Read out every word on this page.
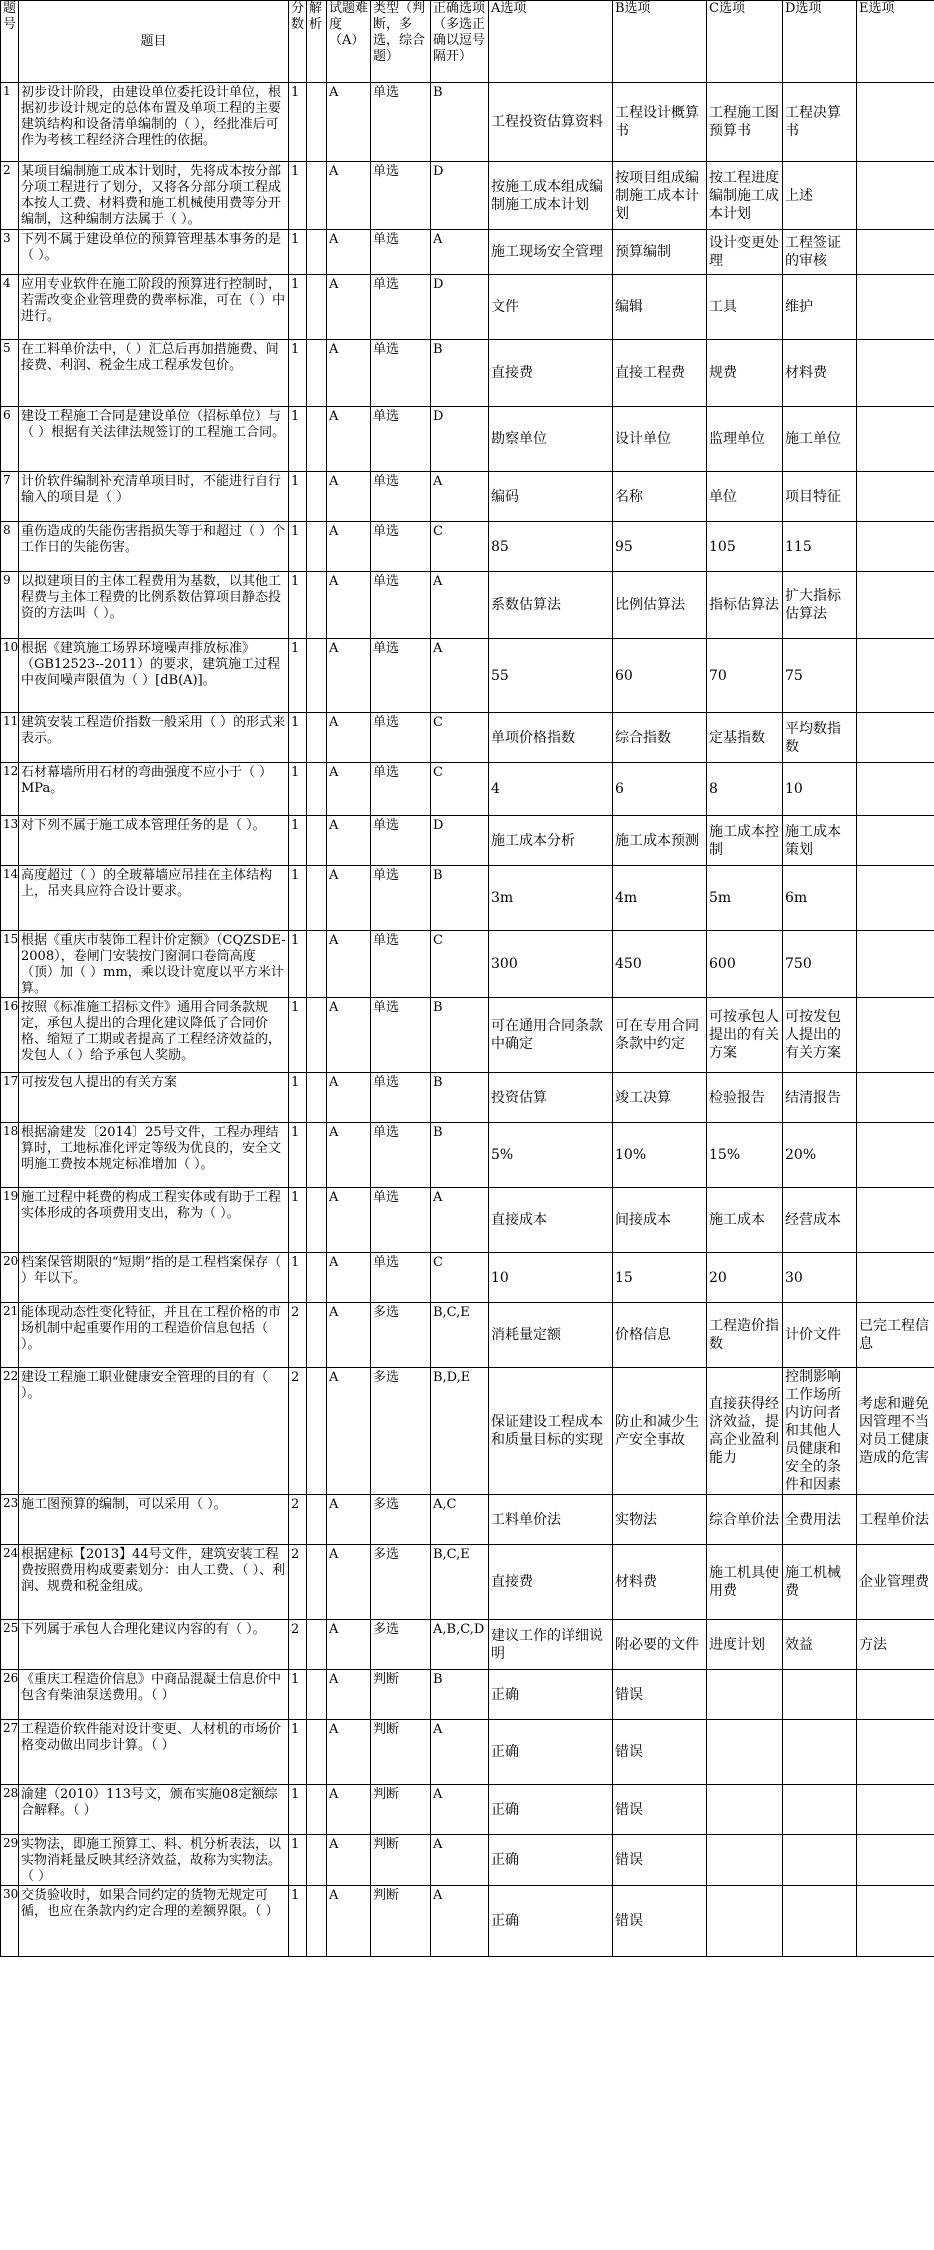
题号	题目	分数	解析	试题难度（A）	类型（判断，多选，综合题）	正确选项（多选正确以逗号隔开）	A选项	B选项	C选项	D选项	E选项
1	初步设计阶段，由建设单位委托设计单位，根据初步设计规定的总体布置及单项工程的主要建筑结构和设备清单编制的（ ），经批准后可作为考核工程经济合理性的依据。	1		A	单选	B	工程投资估算资料	工程设计概算书	工程施工图预算书	工程决算书	
2	某项目编制施工成本计划时，先将成本按分部分项工程进行了划分，又将各分部分项工程成本按人工费、材料费和施工机械使用费等分开编制，这种编制方法属于（ ）。	1		A	单选	D	按施工成本组成编制施工成本计划	按项目组成编制施工成本计划	按工程进度编制施工成本计划	上述	
3	下列不属于建设单位的预算管理基本事务的是（ ）。	1		A	单选	A	施工现场安全管理	预算编制	设计变更处理	工程签证的审核	
4	应用专业软件在施工阶段的预算进行控制时，若需改变企业管理费的费率标准，可在（ ）中进行。	1		A	单选	D	文件	编辑	工具	维护	
5	在工料单价法中，（ ）汇总后再加措施费、间接费、利润、税金生成工程承发包价。	1		A	单选	B	直接费	直接工程费	规费	材料费	
6	建设工程施工合同是建设单位（招标单位）与（ ）根据有关法律法规签订的工程施工合同。	1		A	单选	D	勘察单位	设计单位	监理单位	施工单位	
7	计价软件编制补充清单项目时，不能进行自行输入的项目是（ ）	1		A	单选	A	编码	名称	单位	项目特征	
8	重伤造成的失能伤害指损失等于和超过（ ）个工作日的失能伤害。	1		A	单选	C	85	95	105	115	
9	以拟建项目的主体工程费用为基数，以其他工程费与主体工程费的比例系数估算项目静态投资的方法叫（ ）。	1		A	单选	A	系数估算法	比例估算法	指标估算法	扩大指标估算法	
10	根据《建筑施工场界环境噪声排放标准》（GB12523--2011）的要求，建筑施工过程中夜间噪声限值为（ ）[dB(A)]。	1		A	单选	A	55	60	70	75	
11	建筑安装工程造价指数一般采用（ ）的形式来表示。	1		A	单选	C	单项价格指数	综合指数	定基指数	平均数指数	
12	石材幕墙所用石材的弯曲强度不应小于（ ）MPa。	1		A	单选	C	4	6	8	10	
13	对下列不属于施工成本管理任务的是（ ）。	1		A	单选	D	施工成本分析	施工成本预测	施工成本控制	施工成本策划	
14	高度超过（ ）的全玻幕墙应吊挂在主体结构上，吊夹具应符合设计要求。	1		A	单选	B	3m	4m	5m	6m	
15	根据《重庆市装饰工程计价定额》（CQZSDE-2008），卷闸门安装按门窗洞口卷筒高度（顶）加（ ）mm，乘以设计宽度以平方米计算。	1		A	单选	C	300	450	600	750	
16	按照《标准施工招标文件》通用合同条款规定，承包人提出的合理化建议降低了合同价格、缩短了工期或者提高了工程经济效益的，发包人（ ）给予承包人奖励。	1		A	单选	B	可在通用合同条款中确定	可在专用合同条款中约定	可按承包人提出的有关方案	可按发包人提出的有关方案	
17	可按发包人提出的有关方案	1		A	单选	B	投资估算	竣工决算	检验报告	结清报告	
18	根据渝建发〔2014〕25号文件，工程办理结算时，工地标准化评定等级为优良的，安全文明施工费按本规定标准增加（ ）。	1		A	单选	B	5%	10%	15%	20%	
19	施工过程中耗费的构成工程实体或有助于工程实体形成的各项费用支出，称为（ ）。	1		A	单选	A	直接成本	间接成本	施工成本	经营成本	
20	档案保管期限的“短期”指的是工程档案保存（ ）年以下。	1		A	单选	C	10	15	20	30	
21	能体现动态性变化特征，并且在工程价格的市场机制中起重要作用的工程造价信息包括（ ）。	2		A	多选	B,C,E	消耗量定额	价格信息	工程造价指数	计价文件	已完工程信息
22	建设工程施工职业健康安全管理的目的有（ ）。	2		A	多选	B,D,E	保证建设工程成本和质量目标的实现	防止和减少生产安全事故	直接获得经济效益，提高企业盈利能力	控制影响工作场所内访问者和其他人员健康和安全的条件和因素	考虑和避免因管理不当对员工健康造成的危害
23	施工图预算的编制，可以采用（ ）。	2		A	多选	A,C	工料单价法	实物法	综合单价法	全费用法	工程单价法
24	根据建标【2013】44号文件，建筑安装工程费按照费用构成要素划分：由人工费、（ ）、利润、规费和税金组成。	2		A	多选	B,C,E	直接费	材料费	施工机具使用费	施工机械费	企业管理费
25	下列属于承包人合理化建议内容的有（ ）。	2		A	多选	A,B,C,D	建议工作的详细说明	附必要的文件	进度计划	效益	方法
26	《重庆工程造价信息》中商品混凝土信息价中包含有柴油泵送费用。（ ）	1		A	判断	B	正确	错误			
27	工程造价软件能对设计变更、人材机的市场价格变动做出同步计算。（ ）	1		A	判断	A	正确	错误			
28	渝建（2010）113号文，颁布实施08定额综合解释。（ ）	1		A	判断	A	正确	错误			
29	实物法，即施工预算工、料、机分析表法，以实物消耗量反映其经济效益，故称为实物法。（ ）	1		A	判断	A	正确	错误			
30	交货验收时，如果合同约定的货物无规定可循，也应在条款内约定合理的差额界限。（ ）	1		A	判断	A	正确	错误			
